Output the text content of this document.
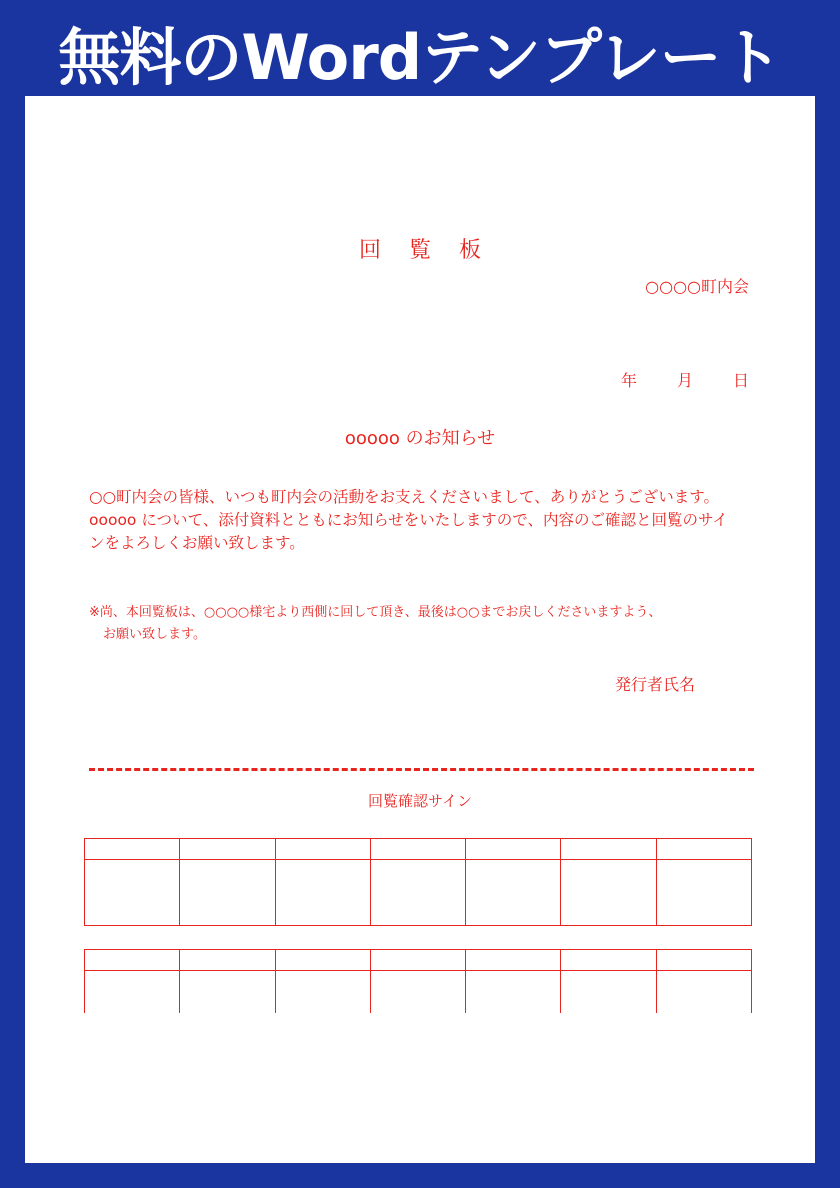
無料のWordテンプレート
回 覧 板
○○○○町内会
年	月	日
ooooo のお知らせ

○○町内会の皆様、いつも町内会の活動をお支えくださいまして、ありがとうございます。

ooooo について、添付資料とともにお知らせをいたしますので、内容のご確認と回覧のサインをよろしくお願い致します。

※尚、本回覧板は、○○○○様宅より西側に回して頂き、最後は○○までお戻しくださいますよう、

お願い致します。

発行者氏名
回覧確認サイン
